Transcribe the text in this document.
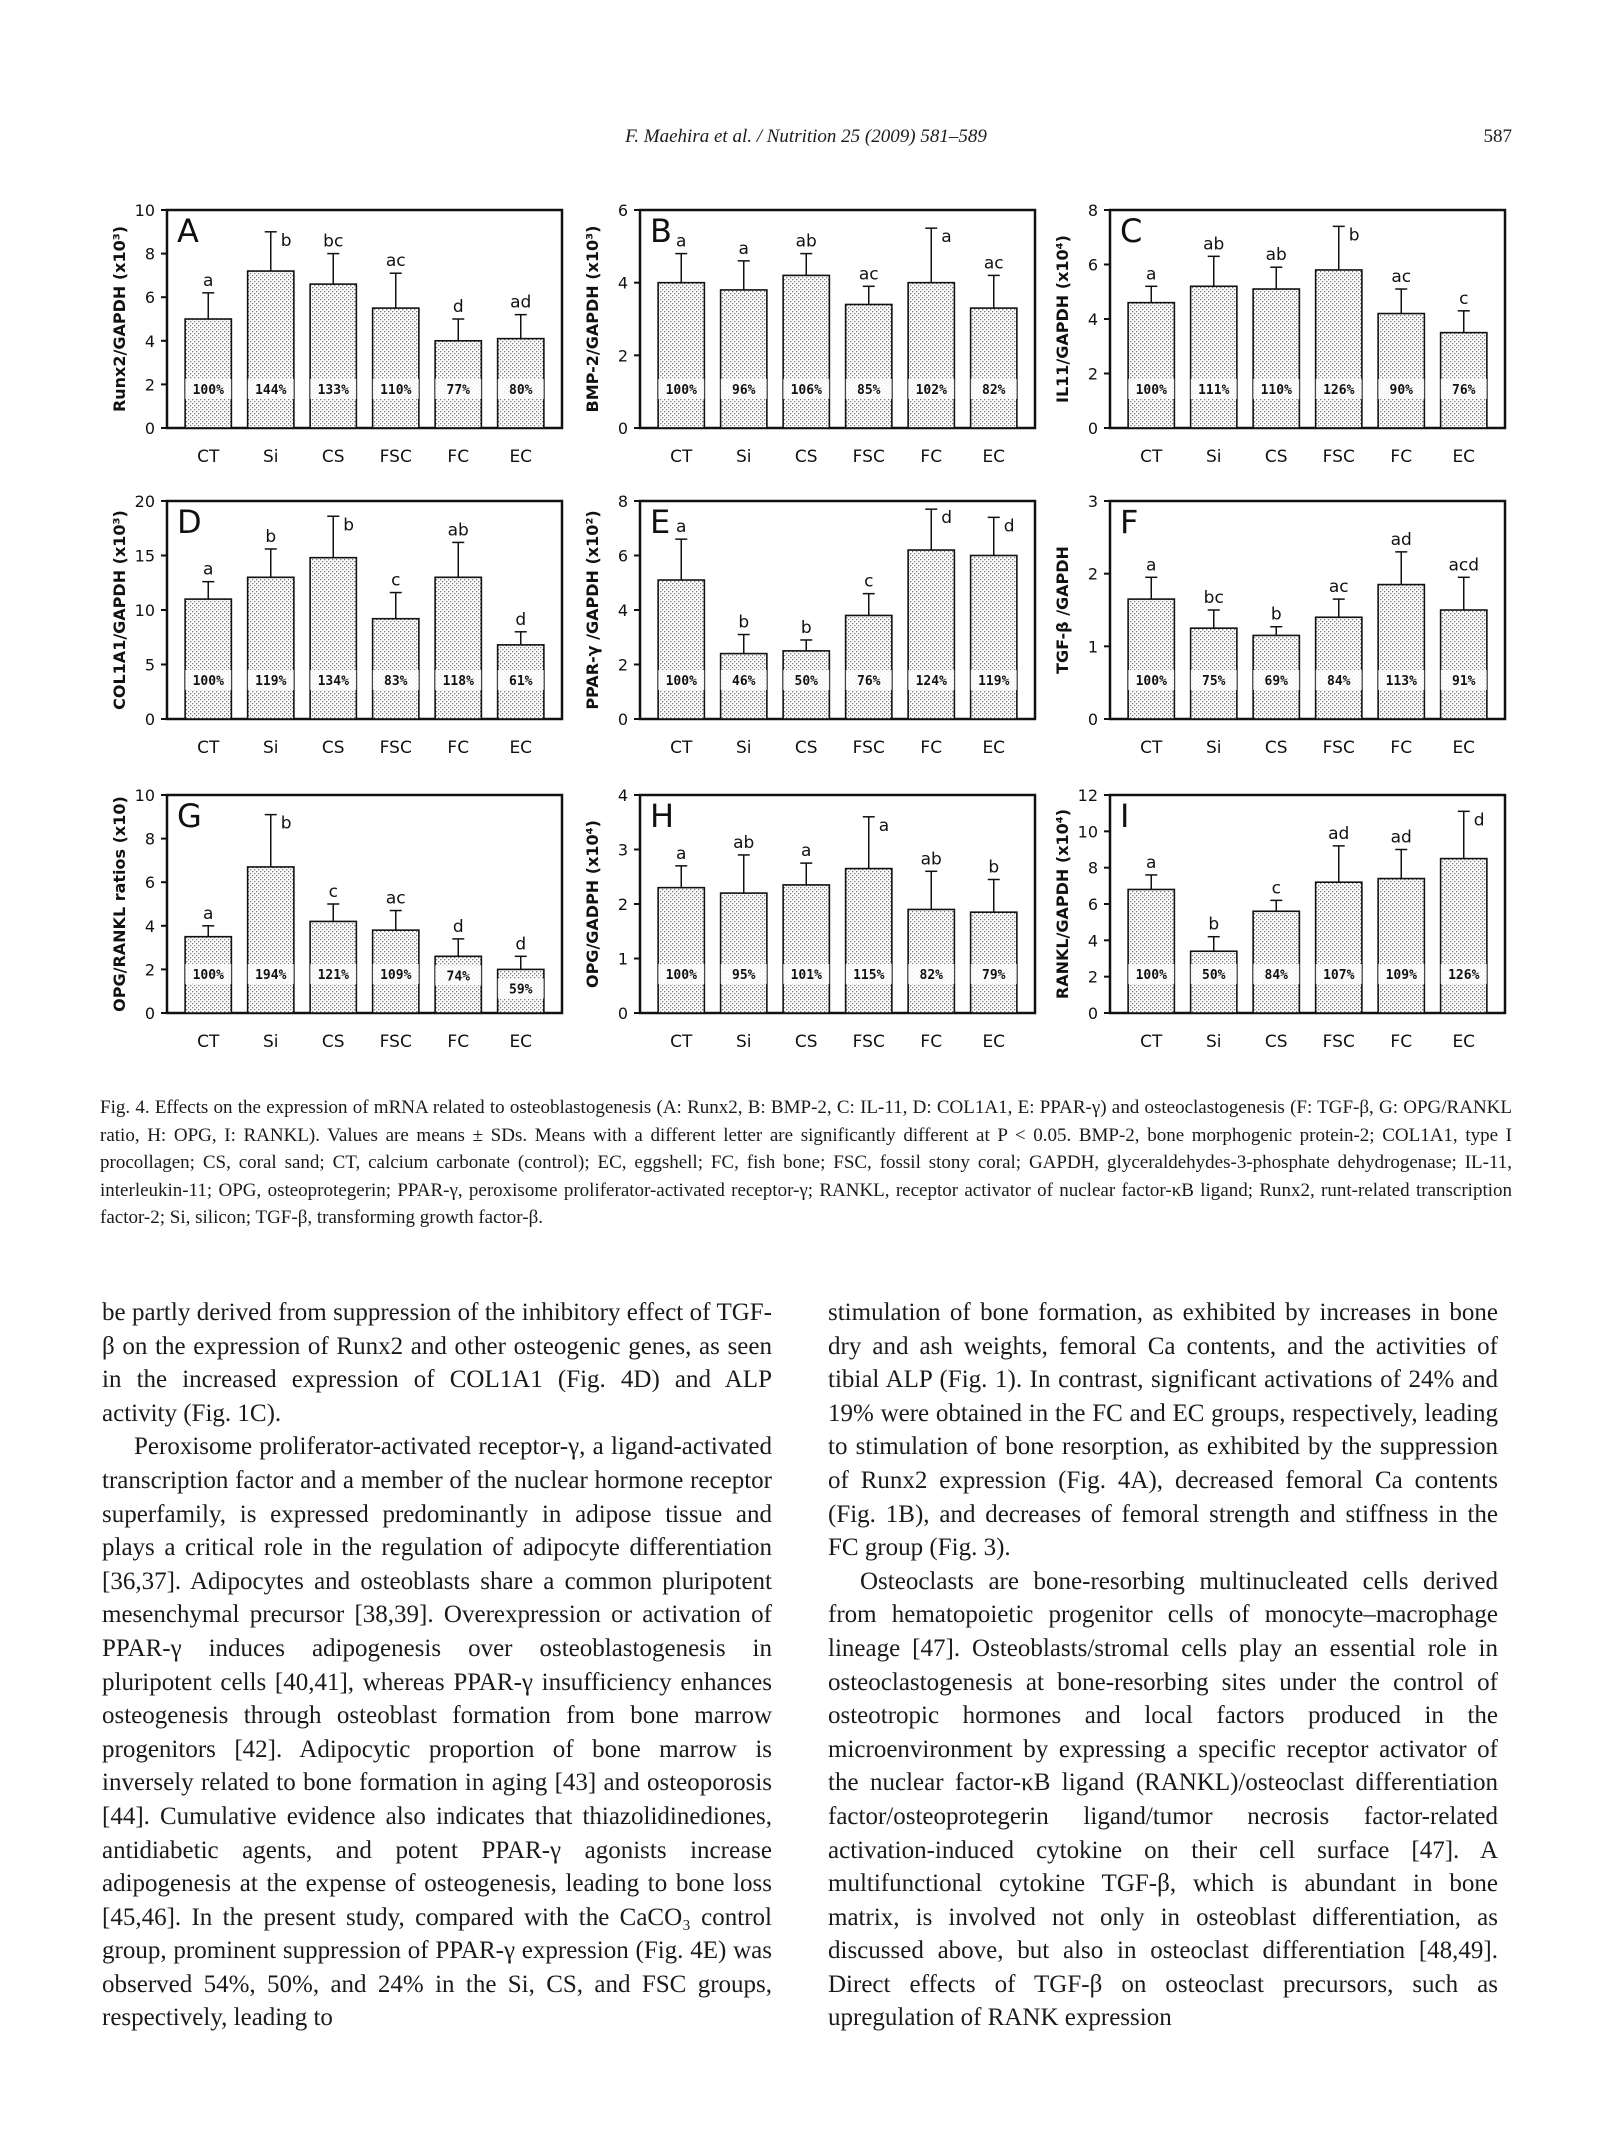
F. Maehira et al. / Nutrition 25 (2009) 581–589	587
0
2
4
6
8
10
Runx2/GAPDH (x10³) A
a
100%
CT
b
144%
Si
bc
133%
CS
ac
110%
FSC
d
77%
FC
ad
80%
EC
0
2
4
6
BMP-2/GAPDH (x10³) B a
100%
CT
a
96%
Si
ab
106%
CS
ac
85%
FSC
a
102%
FC
ac
82%
EC
0
2
4
6
8
IL11/GAPDH (x10⁴)
C
a
100%
CT
ab
111%
Si
ab
110%
CS
b
126%
FSC
ac
90%
FC
c
76%
EC
0
5
10
15
20
COL1A1/GAPDH (x10³) D
a
100%
CT
b
119%
Si
b
134%
CS
c
83%
FSC
ab
118%
FC
d
61%
EC
0
2
4
6
8
PPAR-γ /GAPDH (x10²) E a
100%
CT
b
46%
Si
b
50%
CS
c
76%
FSC
d
124%
FC
d
119%
EC
0
1
2
3
TGF-β /GAPDH
F
a
100%
CT
bc
75%
Si
b
69%
CS
ac
84%
FSC
ad
113%
FC
acd
91%
EC
0
2
4
6
8
10
OPG/RANKL ratios (x10) G
a
100%
CT
b
194%
Si
c
121%
CS
ac
109%
FSC
d
74%
FC
d
59%
EC
0
1
2
3
4
OPG/GADPH (x10⁴)
H
a
100%
CT
ab
95%
Si
a
101%
CS
a
115%
FSC
ab
82%
FC
b
79%
EC
0
2
4
6
8
10
12
RANKL/GAPDH (x10⁴) I
a
100%
CT
b
50%
Si
c
84%
CS
ad
107%
FSC
ad
109%
FC
d
126%
EC

Fig. 4. Effects on the expression of mRNA related to osteoblastogenesis (A: Runx2, B: BMP-2, C: IL-11, D: COL1A1, E: PPAR-γ) and osteoclastogenesis (F: TGF-β, G: OPG/RANKL ratio, H: OPG, I: RANKL). Values are means ± SDs. Means with a different letter are significantly different at P < 0.05. BMP-2, bone morphogenic protein-2; COL1A1, type I procollagen; CS, coral sand; CT, calcium carbonate (control); EC, eggshell; FC, fish bone; FSC, fossil stony coral; GAPDH, glyceraldehydes-3-phosphate dehydrogenase; IL-11, interleukin-11; OPG, osteoprotegerin; PPAR-γ, peroxisome proliferator-activated receptor-γ; RANKL, receptor activator of nuclear factor-κB ligand; Runx2, runt-related transcription factor-2; Si, silicon; TGF-β, transforming growth factor-β.

be partly derived from suppression of the inhibitory effect of TGF-β on the expression of Runx2 and other osteogenic genes, as seen in the increased expression of COL1A1 (Fig. 4D) and ALP activity (Fig. 1C).

Peroxisome proliferator-activated receptor-γ, a ligand-activated transcription factor and a member of the nuclear hormone receptor superfamily, is expressed predominantly in adipose tissue and plays a critical role in the regulation of adipocyte differentiation [36,37]. Adipocytes and osteoblasts share a common pluripotent mesenchymal precursor [38,39]. Overexpression or activation of PPAR-γ induces adipogenesis over osteoblastogenesis in pluripotent cells [40,41], whereas PPAR-γ insufficiency enhances osteogenesis through osteoblast formation from bone marrow progenitors [42]. Adipocytic proportion of bone marrow is inversely related to bone formation in aging [43] and osteoporosis [44]. Cumulative evidence also indicates that thiazolidinediones, antidiabetic agents, and potent PPAR-γ agonists increase adipogenesis at the expense of osteogenesis, leading to bone loss [45,46]. In the present study, compared with the CaCO₃ control group, prominent suppression of PPAR-γ expression (Fig. 4E) was observed 54%, 50%, and 24% in the Si, CS, and FSC groups, respectively, leading to

stimulation of bone formation, as exhibited by increases in bone dry and ash weights, femoral Ca contents, and the activities of tibial ALP (Fig. 1). In contrast, significant activations of 24% and 19% were obtained in the FC and EC groups, respectively, leading to stimulation of bone resorption, as exhibited by the suppression of Runx2 expression (Fig. 4A), decreased femoral Ca contents (Fig. 1B), and decreases of femoral strength and stiffness in the FC group (Fig. 3).

Osteoclasts are bone-resorbing multinucleated cells derived from hematopoietic progenitor cells of monocyte–macrophage lineage [47]. Osteoblasts/stromal cells play an essential role in osteoclastogenesis at bone-resorbing sites under the control of osteotropic hormones and local factors produced in the microenvironment by expressing a specific receptor activator of the nuclear factor-κB ligand (RANKL)/osteoclast differentiation factor/osteoprotegerin ligand/tumor necrosis factor-related activation-induced cytokine on their cell surface [47]. A multifunctional cytokine TGF-β, which is abundant in bone matrix, is involved not only in osteoblast differentiation, as discussed above, but also in osteoclast differentiation [48,49]. Direct effects of TGF-β on osteoclast precursors, such as upregulation of RANK expression
